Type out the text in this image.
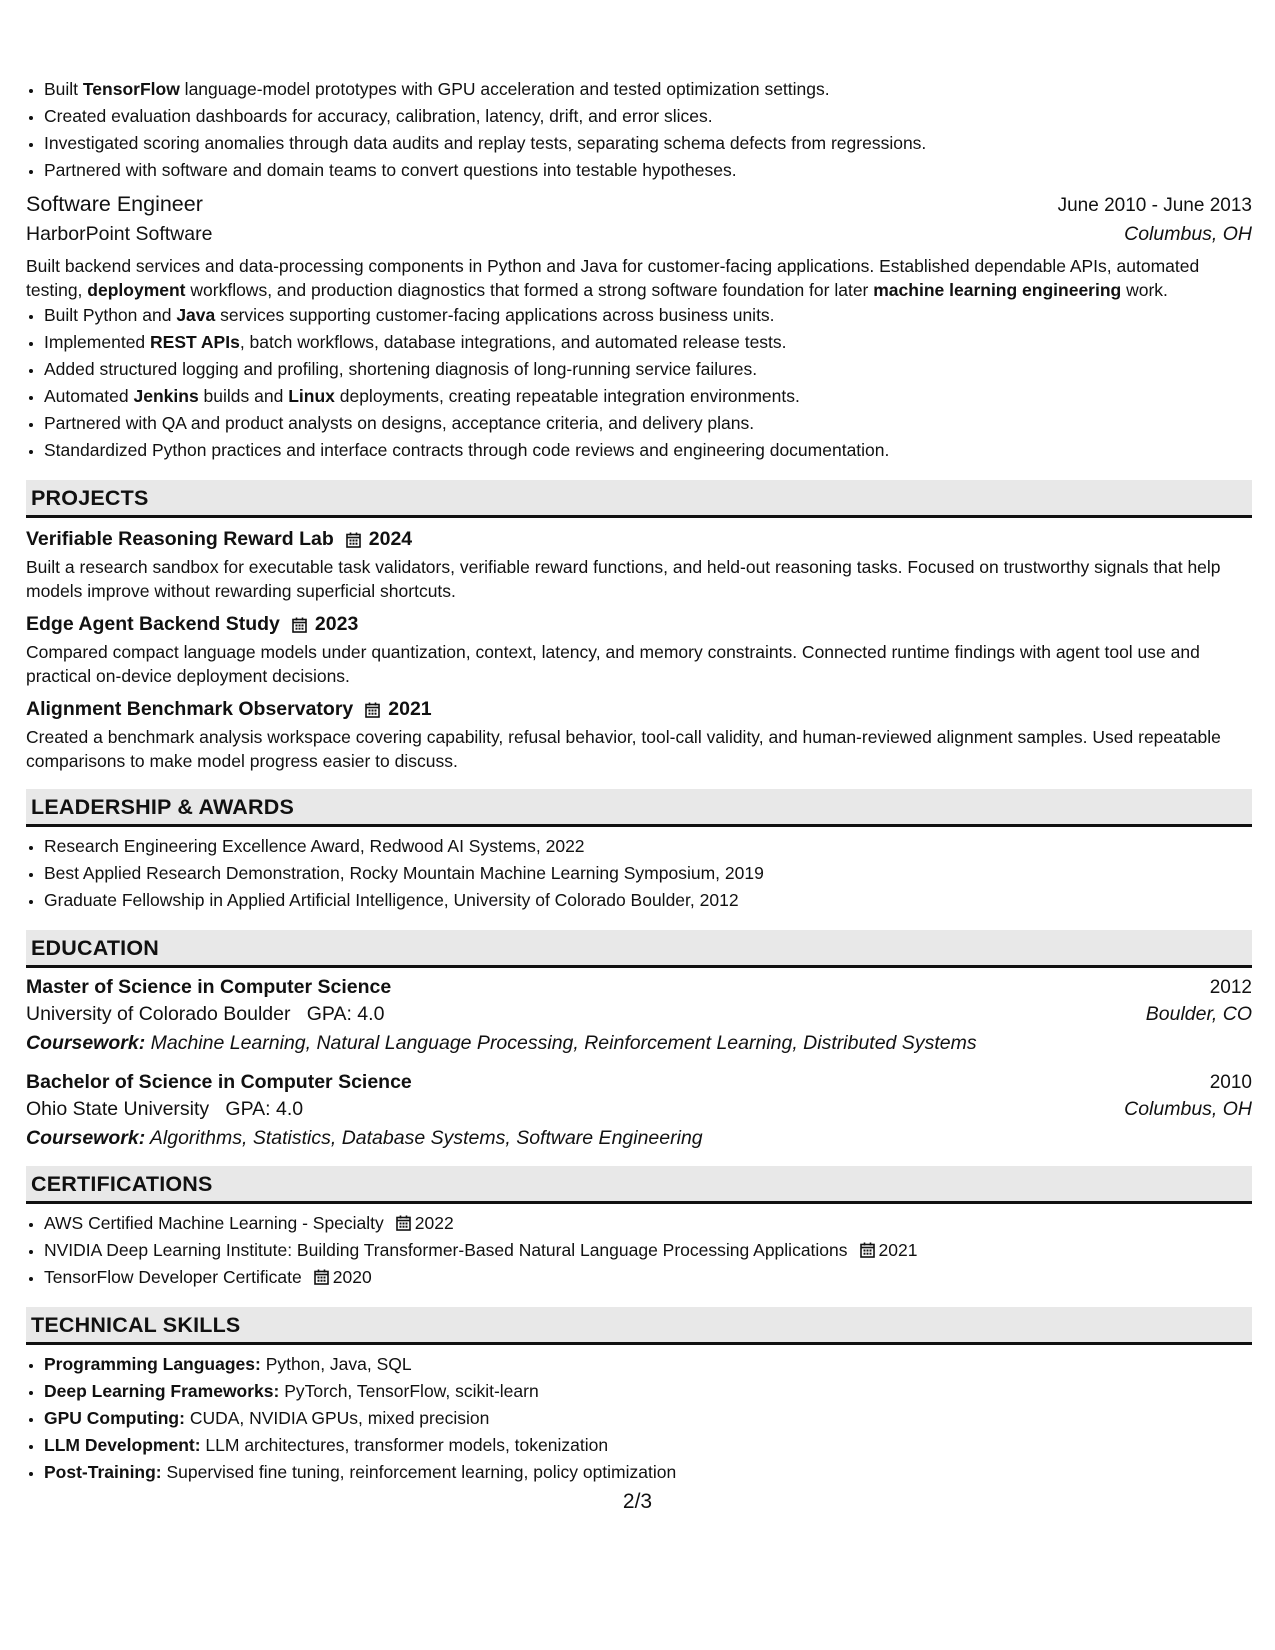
• Built TensorFlow language-model prototypes with GPU acceleration and tested optimization settings.
• Created evaluation dashboards for accuracy, calibration, latency, drift, and error slices.
• Investigated scoring anomalies through data audits and replay tests, separating schema defects from regressions.
• Partnered with software and domain teams to convert questions into testable hypotheses.
Software Engineer	June 2010 - June 2013
HarborPoint Software	Columbus, OH
Built backend services and data-processing components in Python and Java for customer-facing applications. Established dependable APIs, automated testing, deployment workflows, and production diagnostics that formed a strong software foundation for later machine learning engineering work.
• Built Python and Java services supporting customer-facing applications across business units.
• Implemented REST APIs, batch workflows, database integrations, and automated release tests.
• Added structured logging and profiling, shortening diagnosis of long-running service failures.
• Automated Jenkins builds and Linux deployments, creating repeatable integration environments.
• Partnered with QA and product analysts on designs, acceptance criteria, and delivery plans.
• Standardized Python practices and interface contracts through code reviews and engineering documentation.
PROJECTS
Verifiable Reasoning Reward Lab 2024
Built a research sandbox for executable task validators, verifiable reward functions, and held-out reasoning tasks. Focused on trustworthy signals that help models improve without rewarding superficial shortcuts.
Edge Agent Backend Study 2023
Compared compact language models under quantization, context, latency, and memory constraints. Connected runtime findings with agent tool use and practical on-device deployment decisions.
Alignment Benchmark Observatory 2021
Created a benchmark analysis workspace covering capability, refusal behavior, tool-call validity, and human-reviewed alignment samples. Used repeatable comparisons to make model progress easier to discuss.
LEADERSHIP & AWARDS
• Research Engineering Excellence Award, Redwood AI Systems, 2022
• Best Applied Research Demonstration, Rocky Mountain Machine Learning Symposium, 2019
• Graduate Fellowship in Applied Artificial Intelligence, University of Colorado Boulder, 2012
EDUCATION
Master of Science in Computer Science	2012
University of Colorado Boulder GPA: 4.0	Boulder, CO
Coursework: Machine Learning, Natural Language Processing, Reinforcement Learning, Distributed Systems
Bachelor of Science in Computer Science	2010
Ohio State University GPA: 4.0	Columbus, OH
Coursework: Algorithms, Statistics, Database Systems, Software Engineering
CERTIFICATIONS
• AWS Certified Machine Learning - Specialty 2022
• NVIDIA Deep Learning Institute: Building Transformer-Based Natural Language Processing Applications 2021
• TensorFlow Developer Certificate 2020
TECHNICAL SKILLS
• Programming Languages: Python, Java, SQL
• Deep Learning Frameworks: PyTorch, TensorFlow, scikit-learn
• GPU Computing: CUDA, NVIDIA GPUs, mixed precision
• LLM Development: LLM architectures, transformer models, tokenization
• Post-Training: Supervised fine tuning, reinforcement learning, policy optimization
2/3
